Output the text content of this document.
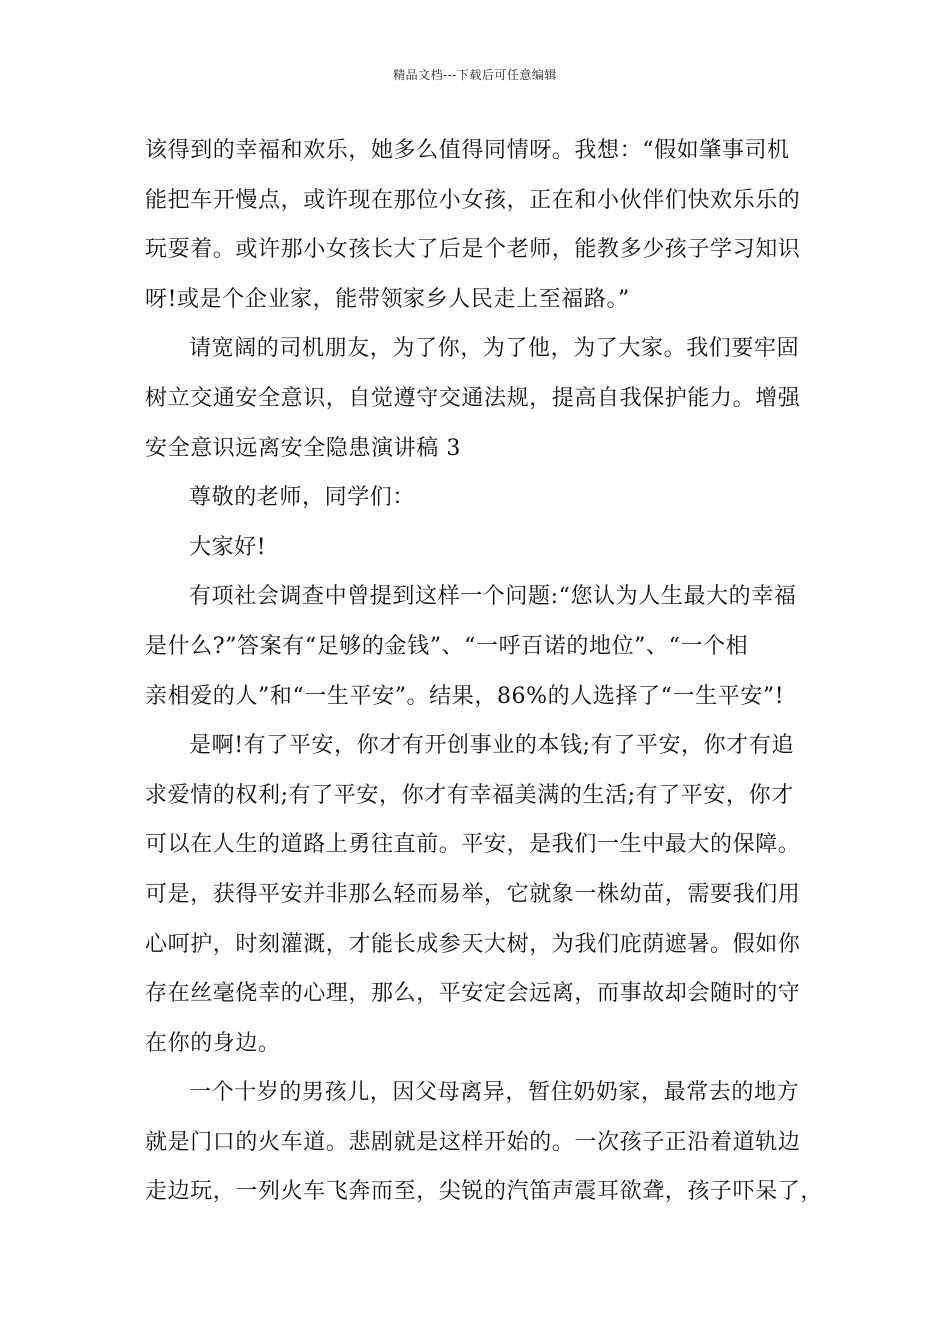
精品文档---下载后可任意编辑

该得到的幸福和欢乐，她多么值得同情呀。我想：“假如肇事司机
能把车开慢点，或许现在那位小女孩，正在和小伙伴们快欢乐乐的
玩耍着。或许那小女孩长大了后是个老师，能教多少孩子学习知识
呀!或是个企业家，能带领家乡人民走上至福路。”

请宽阔的司机朋友，为了你，为了他，为了大家。我们要牢固
树立交通安全意识，自觉遵守交通法规，提高自我保护能力。增强
安全意识远离安全隐患演讲稿 3

尊敬的老师，同学们：

大家好!

有项社会调查中曾提到这样一个问题:“您认为人生最大的幸福
是什么?”答案有“足够的金钱”、“一呼百诺的地位”、“一个相
亲相爱的人”和“一生平安”。结果，86%的人选择了“一生平安”!

是啊!有了平安，你才有开创事业的本钱;有了平安，你才有追
求爱情的权利;有了平安，你才有幸福美满的生活;有了平安，你才
可以在人生的道路上勇往直前。平安，是我们一生中最大的保障。
可是，获得平安并非那么轻而易举，它就象一株幼苗，需要我们用
心呵护，时刻灌溉，才能长成参天大树，为我们庇荫遮暑。假如你
存在丝毫侥幸的心理，那么，平安定会远离，而事故却会随时的守
在你的身边。

一个十岁的男孩儿，因父母离异，暂住奶奶家，最常去的地方
就是门口的火车道。悲剧就是这样开始的。一次孩子正沿着道轨边
走边玩，一列火车飞奔而至，尖锐的汽笛声震耳欲聋，孩子吓呆了，
